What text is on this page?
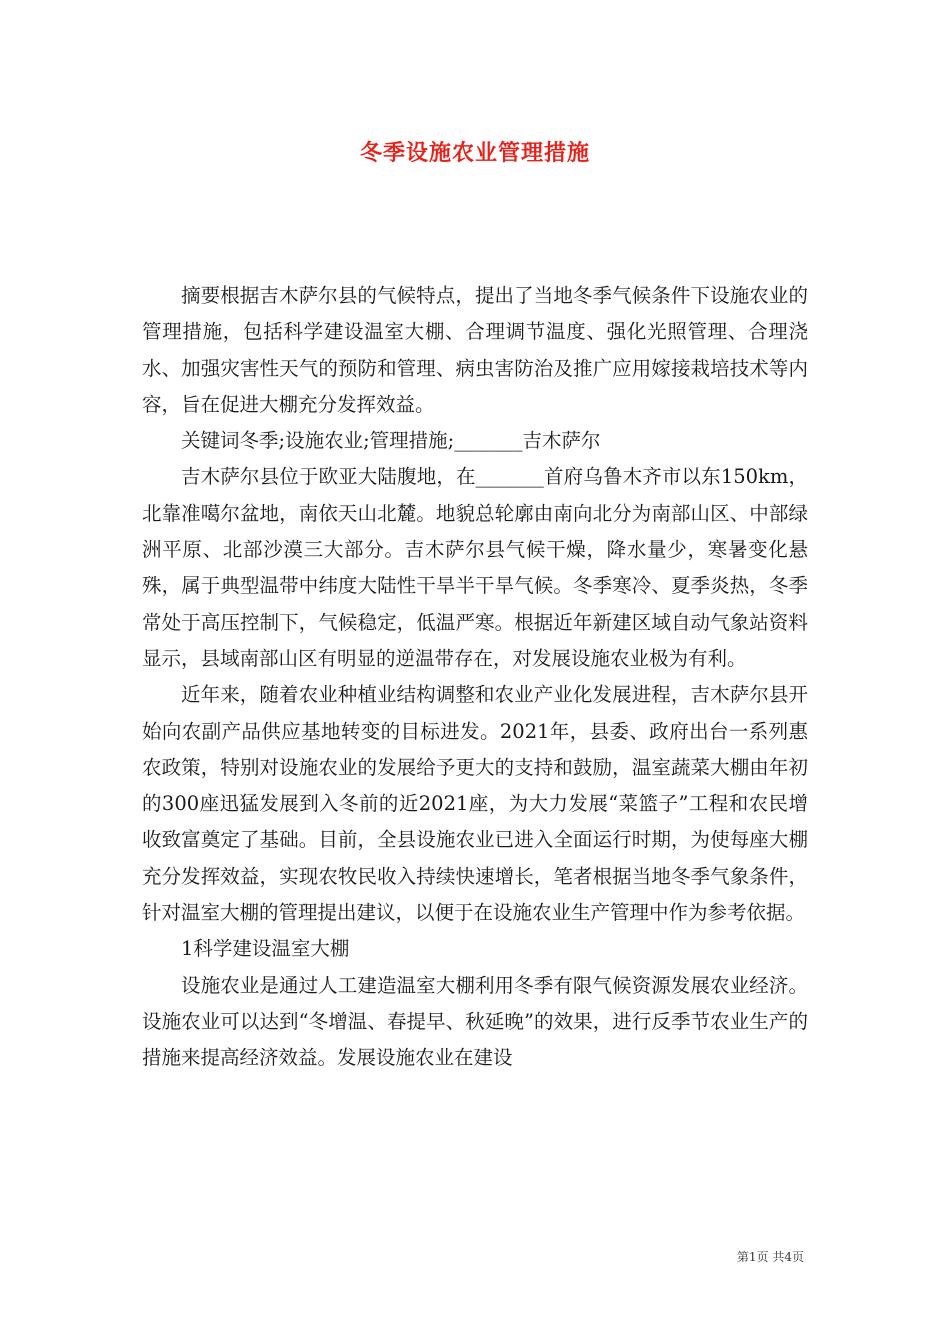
冬季设施农业管理措施

摘要根据吉木萨尔县的气候特点，提出了当地冬季气候条件下设施农业的管理措施，包括科学建设温室大棚、合理调节温度、强化光照管理、合理浇水、加强灾害性天气的预防和管理、病虫害防治及推广应用嫁接栽培技术等内容，旨在促进大棚充分发挥效益。

关键词冬季;设施农业;管理措施;_______吉木萨尔

吉木萨尔县位于欧亚大陆腹地，在_______首府乌鲁木齐市以东150km，北靠准噶尔盆地，南依天山北麓。地貌总轮廓由南向北分为南部山区、中部绿洲平原、北部沙漠三大部分。吉木萨尔县气候干燥，降水量少，寒暑变化悬殊，属于典型温带中纬度大陆性干旱半干旱气候。冬季寒冷、夏季炎热，冬季常处于高压控制下，气候稳定，低温严寒。根据近年新建区域自动气象站资料显示，县域南部山区有明显的逆温带存在，对发展设施农业极为有利。

近年来，随着农业种植业结构调整和农业产业化发展进程，吉木萨尔县开始向农副产品供应基地转变的目标进发。2021年，县委、政府出台一系列惠农政策，特别对设施农业的发展给予更大的支持和鼓励，温室蔬菜大棚由年初的300座迅猛发展到入冬前的近2021座，为大力发展“菜篮子”工程和农民增收致富奠定了基础。目前，全县设施农业已进入全面运行时期，为使每座大棚充分发挥效益，实现农牧民收入持续快速增长，笔者根据当地冬季气象条件，针对温室大棚的管理提出建议，以便于在设施农业生产管理中作为参考依据。

1科学建设温室大棚

设施农业是通过人工建造温室大棚利用冬季有限气候资源发展农业经济。设施农业可以达到“冬增温、春提早、秋延晚”的效果，进行反季节农业生产的措施来提高经济效益。发展设施农业在建设

第1页 共4页
